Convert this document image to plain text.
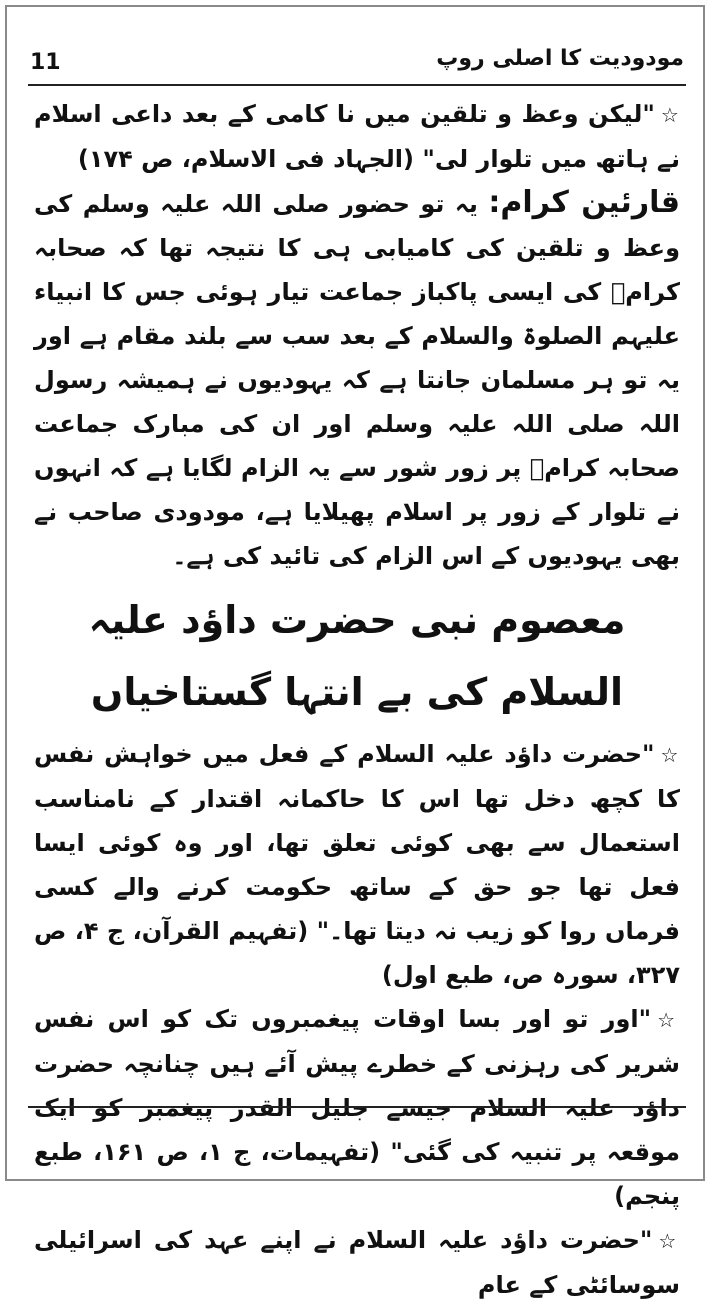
11	مودودیت کا اصلی روپ

☆"لیکن وعظ و تلقین میں نا کامی کے بعد داعی اسلام نے ہاتھ میں تلوار لی" (الجہاد فی الاسلام، ص ۱۷۴)

قارئین کرام: یہ تو حضور صلی اللہ علیہ وسلم کی وعظ و تلقین کی کامیابی ہی کا نتیجہ تھا کہ صحابہ کرامؓ کی ایسی پاکباز جماعت تیار ہوئی جس کا انبیاء علیہم الصلوۃ والسلام کے بعد سب سے بلند مقام ہے اور یہ تو ہر مسلمان جانتا ہے کہ یہودیوں نے ہمیشہ رسول اللہ صلی اللہ علیہ وسلم اور ان کی مبارک جماعت صحابہ کرامؓ پر زور شور سے یہ الزام لگایا ہے کہ انہوں نے تلوار کے زور پر اسلام پھیلایا ہے، مودودی صاحب نے بھی یہودیوں کے اس الزام کی تائید کی ہے۔

معصوم نبی حضرت داؤد علیہ السلام کی بے انتہا گستاخیاں

☆"حضرت داؤد علیہ السلام کے فعل میں خواہش نفس کا کچھ دخل تھا اس کا حاکمانہ اقتدار کے نامناسب استعمال سے بھی کوئی تعلق تھا، اور وہ کوئی ایسا فعل تھا جو حق کے ساتھ حکومت کرنے والے کسی فرماں روا کو زیب نہ دیتا تھا۔" (تفہیم القرآن، ج ۴، ص ۳۲۷، سورہ ص، طبع اول)

☆"اور تو اور بسا اوقات پیغمبروں تک کو اس نفس شریر کی رہزنی کے خطرے پیش آئے ہیں چنانچہ حضرت داؤد علیہ السلام جیسے جلیل القدر پیغمبر کو ایک موقعہ پر تنبیہ کی گئی" (تفہیمات، ج ۱، ص ۱۶۱، طبع پنجم)

☆"حضرت داؤد علیہ السلام نے اپنے عہد کی اسرائیلی سوسائٹی کے عام
